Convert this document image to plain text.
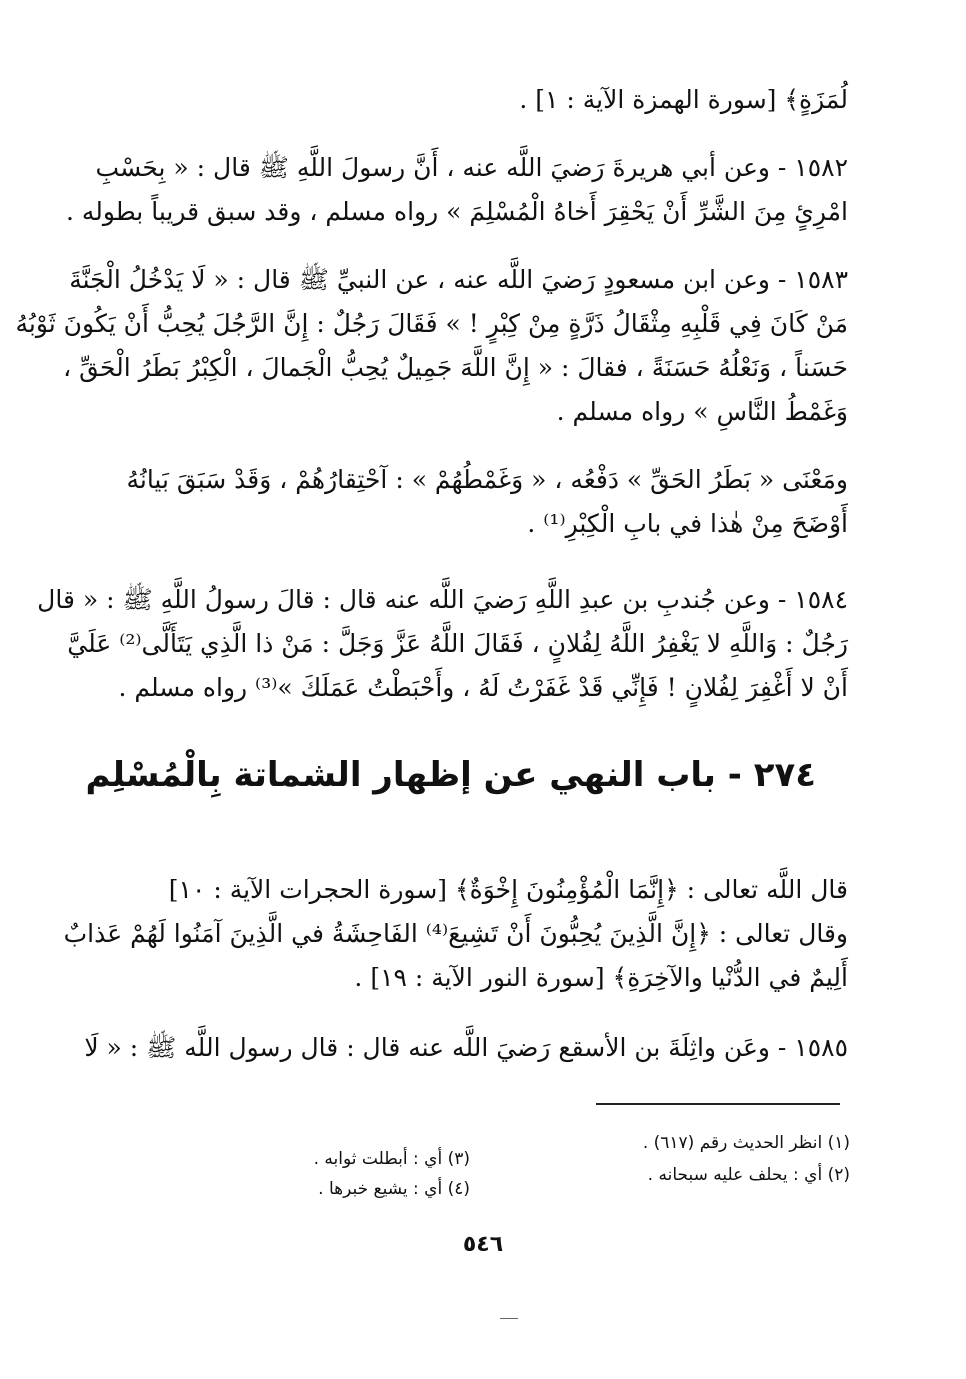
لُمَزَةٍ﴾ [سورة الهمزة الآية : ١] .
١٥٨٢ - وعن أبي هريرةَ رَضيَ اللَّه عنه ، أَنَّ رسولَ اللَّهِ ﷺ قال : « بِحَسْبِ
امْرِئٍ مِنَ الشَّرِّ أَنْ يَحْقِرَ أَخاهُ الْمُسْلِمَ » رواه مسلم ، وقد سبق قريباً بطوله .
١٥٨٣ - وعن ابن مسعودٍ رَضيَ اللَّه عنه ، عن النبيِّ ﷺ قال : « لَا يَدْخُلُ الْجَنَّةَ
مَنْ كَانَ فِي قَلْبِهِ مِثْقَالُ ذَرَّةٍ مِنْ كِبْرٍ ! » فَقَالَ رَجُلٌ : إِنَّ الرَّجُلَ يُحِبُّ أَنْ يَكُونَ ثَوْبُهُ
حَسَناً ، وَنَعْلُهُ حَسَنَةً ، فقالَ : « إِنَّ اللَّهَ جَمِيلٌ يُحِبُّ الْجَمالَ ، الْكِبْرُ بَطَرُ الْحَقِّ ،
وَغَمْطُ النَّاسِ » رواه مسلم .
ومَعْنَى « بَطَرُ الحَقِّ » دَفْعُه ، « وَغَمْطُهُمْ » : آحْتِقارُهُمْ ، وَقَدْ سَبَقَ بَيانُهُ
أَوْضَحَ مِنْ هٰذا في بابِ الْكِبْرِ⁽¹⁾ .
١٥٨٤ - وعن جُندبِ بن عبدِ اللَّهِ رَضيَ اللَّه عنه قال : قالَ رسولُ اللَّهِ ﷺ : « قال
رَجُلٌ : وَاللَّهِ لا يَغْفِرُ اللَّهُ لِفُلانٍ ، فَقَالَ اللَّهُ عَزَّ وَجَلَّ : مَنْ ذا الَّذِي يَتَأَلَّى⁽²⁾ عَلَيَّ
أَنْ لا أَغْفِرَ لِفُلانٍ ! فَإِنِّي قَدْ غَفَرْتُ لَهُ ، وأَحْبَطْتُ عَمَلَكَ »⁽³⁾ رواه مسلم .
٢٧٤ - باب النهي عن إظهار الشماتة بِالْمُسْلِم
قال اللَّه تعالى : ﴿إِنَّمَا الْمُؤْمِنُونَ إِخْوَةٌ﴾ [سورة الحجرات الآية : ١٠]
وقال تعالى : ﴿إِنَّ الَّذِينَ يُحِبُّونَ أَنْ تَشِيعَ⁽⁴⁾ الفَاحِشَةُ في الَّذِينَ آمَنُوا لَهُمْ عَذابٌ
أَلِيمٌ في الدُّنْيا والآخِرَةِ﴾ [سورة النور الآية : ١٩] .
١٥٨٥ - وعَن واثِلَةَ بن الأسقع رَضيَ اللَّه عنه قال : قال رسول اللَّه ﷺ : « لَا
(١) انظر الحديث رقم (٦١٧) .
(٢) أي : يحلف عليه سبحانه .
(٣) أي : أبطلت ثوابه .
(٤) أي : يشيع خبرها .
٥٤٦
